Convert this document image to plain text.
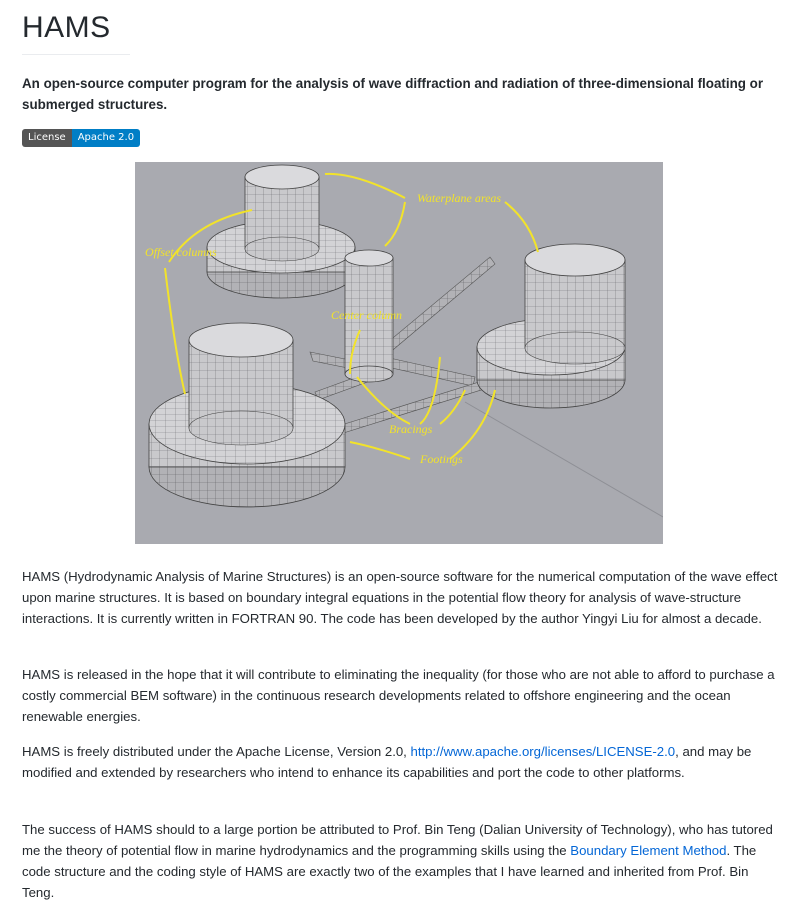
HAMS

An open-source computer program for the analysis of wave diffraction and radiation of three-dimensional floating or submerged structures.

License	Apache 2.0
Waterplane areas
Offset columns
Center column
Bracings
Footings

HAMS (Hydrodynamic Analysis of Marine Structures) is an open-source software for the numerical computation of the wave effect upon marine structures. It is based on boundary integral equations in the potential flow theory for analysis of wave-structure interactions. It is currently written in FORTRAN 90. The code has been developed by the author Yingyi Liu for almost a decade.

HAMS is released in the hope that it will contribute to eliminating the inequality (for those who are not able to afford to purchase a costly commercial BEM software) in the continuous research developments related to offshore engineering and the ocean renewable energies.

HAMS is freely distributed under the Apache License, Version 2.0, http://www.apache.org/licenses/LICENSE-2.0, and may be modified and extended by researchers who intend to enhance its capabilities and port the code to other platforms.

The success of HAMS should to a large portion be attributed to Prof. Bin Teng (Dalian University of Technology), who has tutored me the theory of potential flow in marine hydrodynamics and the programming skills using the Boundary Element Method. The code structure and the coding style of HAMS are exactly two of the examples that I have learned and inherited from Prof. Bin Teng.
